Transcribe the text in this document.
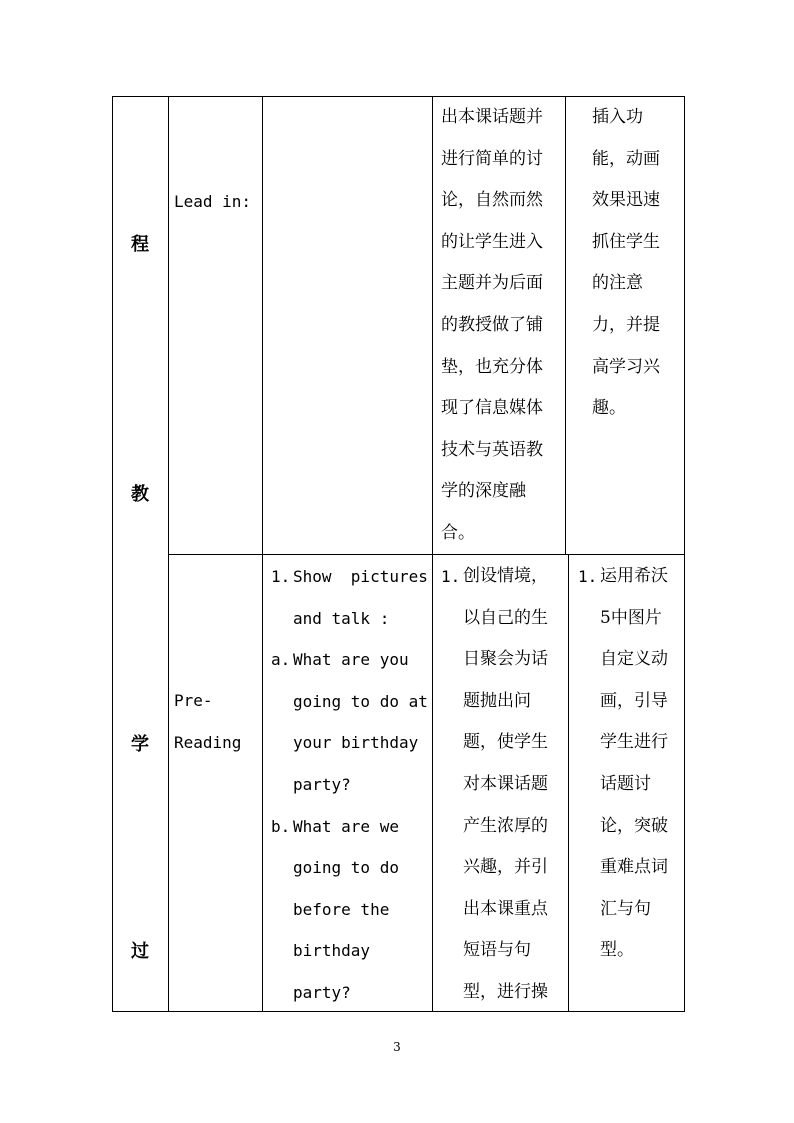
程
教
学
过
Lead in:
出本课话题并
进行简单的讨
论，自然而然
的让学生进入
主题并为后面
的教授做了铺
垫，也充分体
现了信息媒体
技术与英语教
学的深度融
合。
插入功
能，动画
效果迅速
抓住学生
的注意
力，并提
高学习兴
趣。
Pre-
Reading
1. Show  pictures
and talk :
a. What are you
going to do at
your birthday
party?
b. What are we
going to do
before the
birthday
party?
1. 创设情境，
以自己的生
日聚会为话
题抛出问
题，使学生
对本课话题
产生浓厚的
兴趣，并引
出本课重点
短语与句
型，进行操
1. 运用希沃
5中图片
自定义动
画，引导
学生进行
话题讨
论，突破
重难点词
汇与句
型。
3
